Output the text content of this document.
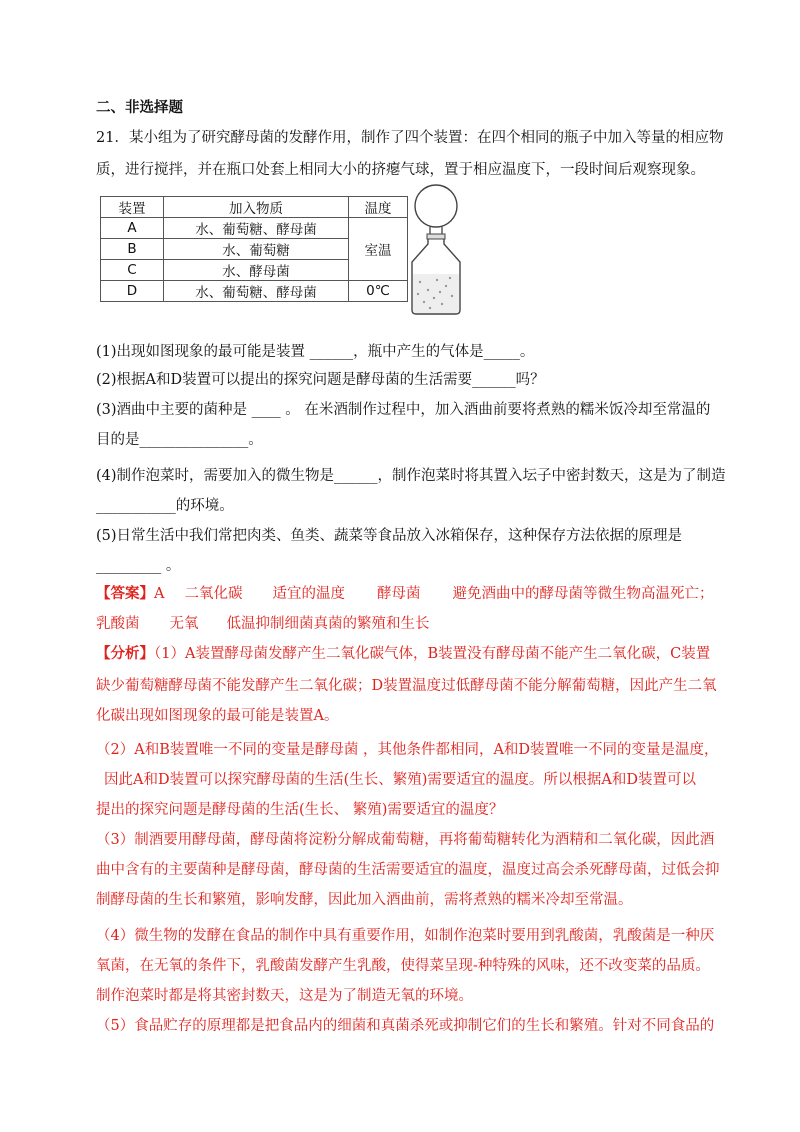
二、非选择题
21．某小组为了研究酵母菌的发酵作用，制作了四个装置：在四个相同的瓶子中加入等量的相应物
质，进行搅拌，并在瓶口处套上相同大小的挤瘪气球，置于相应温度下，一段时间后观察现象。
装置	加入物质	温度
A	水、葡萄糖、酵母菌	室温
B	水、葡萄糖	
C	水、酵母菌	
D	水、葡萄糖、酵母菌	0℃
(1)出现如图现象的最可能是装置 ______，瓶中产生的气体是_____。
(2)根据A和D装置可以提出的探究问题是酵母菌的生活需要______吗？
(3)酒曲中主要的菌种是 ____ 。 在米酒制作过程中，加入酒曲前要将煮熟的糯米饭冷却至常温的
目的是_______________。
(4)制作泡菜时，需要加入的微生物是______，制作泡菜时将其置入坛子中密封数天，这是为了制造
___________的环境。
(5)日常生活中我们常把肉类、鱼类、蔬菜等食品放入冰箱保存，这种保存方法依据的原理是
_________ 。
【答案】A 二氧化碳 适宜的温度 酵母菌 避免酒曲中的酵母菌等微生物高温死亡；
乳酸菌 无氧 低温抑制细菌真菌的繁殖和生长
【分析】（1）A装置酵母菌发酵产生二氧化碳气体，B装置没有酵母菌不能产生二氧化碳，C装置
缺少葡萄糖酵母菌不能发酵产生二氧化碳；D装置温度过低酵母菌不能分解葡萄糖，因此产生二氧
化碳出现如图现象的最可能是装置A。
（2）A和B装置唯一不同的变量是酵母菌 ，其他条件都相同，A和D装置唯一不同的变量是温度，
因此A和D装置可以探究酵母菌的生活(生长、繁殖)需要适宜的温度。所以根据A和D装置可以
提出的探究问题是酵母菌的生活(生长、 繁殖)需要适宜的温度？
（3）制酒要用酵母菌，酵母菌将淀粉分解成葡萄糖，再将葡萄糖转化为酒精和二氧化碳，因此酒
曲中含有的主要菌种是酵母菌，酵母菌的生活需要适宜的温度，温度过高会杀死酵母菌，过低会抑
制酵母菌的生长和繁殖，影响发酵，因此加入酒曲前，需将煮熟的糯米冷却至常温。
（4）微生物的发酵在食品的制作中具有重要作用，如制作泡菜时要用到乳酸菌，乳酸菌是一种厌
氧菌，在无氧的条件下，乳酸菌发酵产生乳酸，使得菜呈现-种特殊的风味，还不改变菜的品质。
制作泡菜时都是将其密封数天，这是为了制造无氧的环境。
（5）食品贮存的原理都是把食品内的细菌和真菌杀死或抑制它们的生长和繁殖。针对不同食品的
